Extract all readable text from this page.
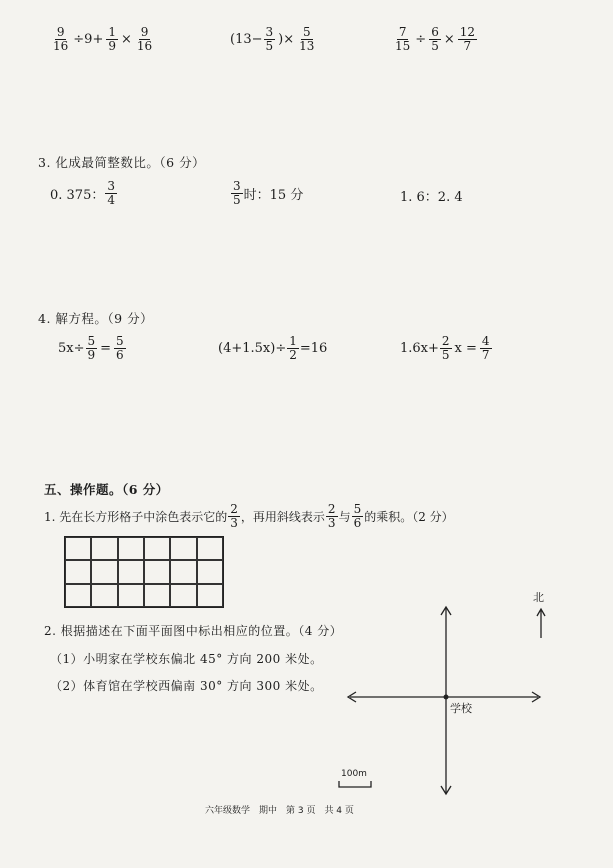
$\frac{9}{16} \div 9+ \frac{1}{9} \times \frac{9}{16}$	($13- \frac{3}{5}$ )× $\frac{5}{13}$	$\frac{7}{15} \div \frac{6}{5} \times \frac{12}{7}$
3. 化成最简整数比。（6 分）
0. 375： $\frac{3}{4}$	$\frac{3}{5}$ 时：15 分	1. 6：2. 4
4. 解方程。（9 分）
$5x\div \frac{5}{9} = \frac{5}{6}$	$(4+1.5x)\div \frac{1}{2} =16$	$1.6x+ \frac{2}{5}$ $x = \frac{4}{7}$
五、操作题。（6 分）
1. 先在长方形格子中涂色表示它的 $\frac{2}{3}$ ，再用斜线表示 $\frac{2}{3}$ 与 $\frac{5}{6}$ 的乘积。（2 分）
2. 根据描述在下面平面图中标出相应的位置。（4 分）
（1）小明家在学校东偏北 45° 方向 200 米处。
（2）体育馆在学校西偏南 30° 方向 300 米处。
北
学校
100m
六年级数学　期中　第 3 页　共 4 页
